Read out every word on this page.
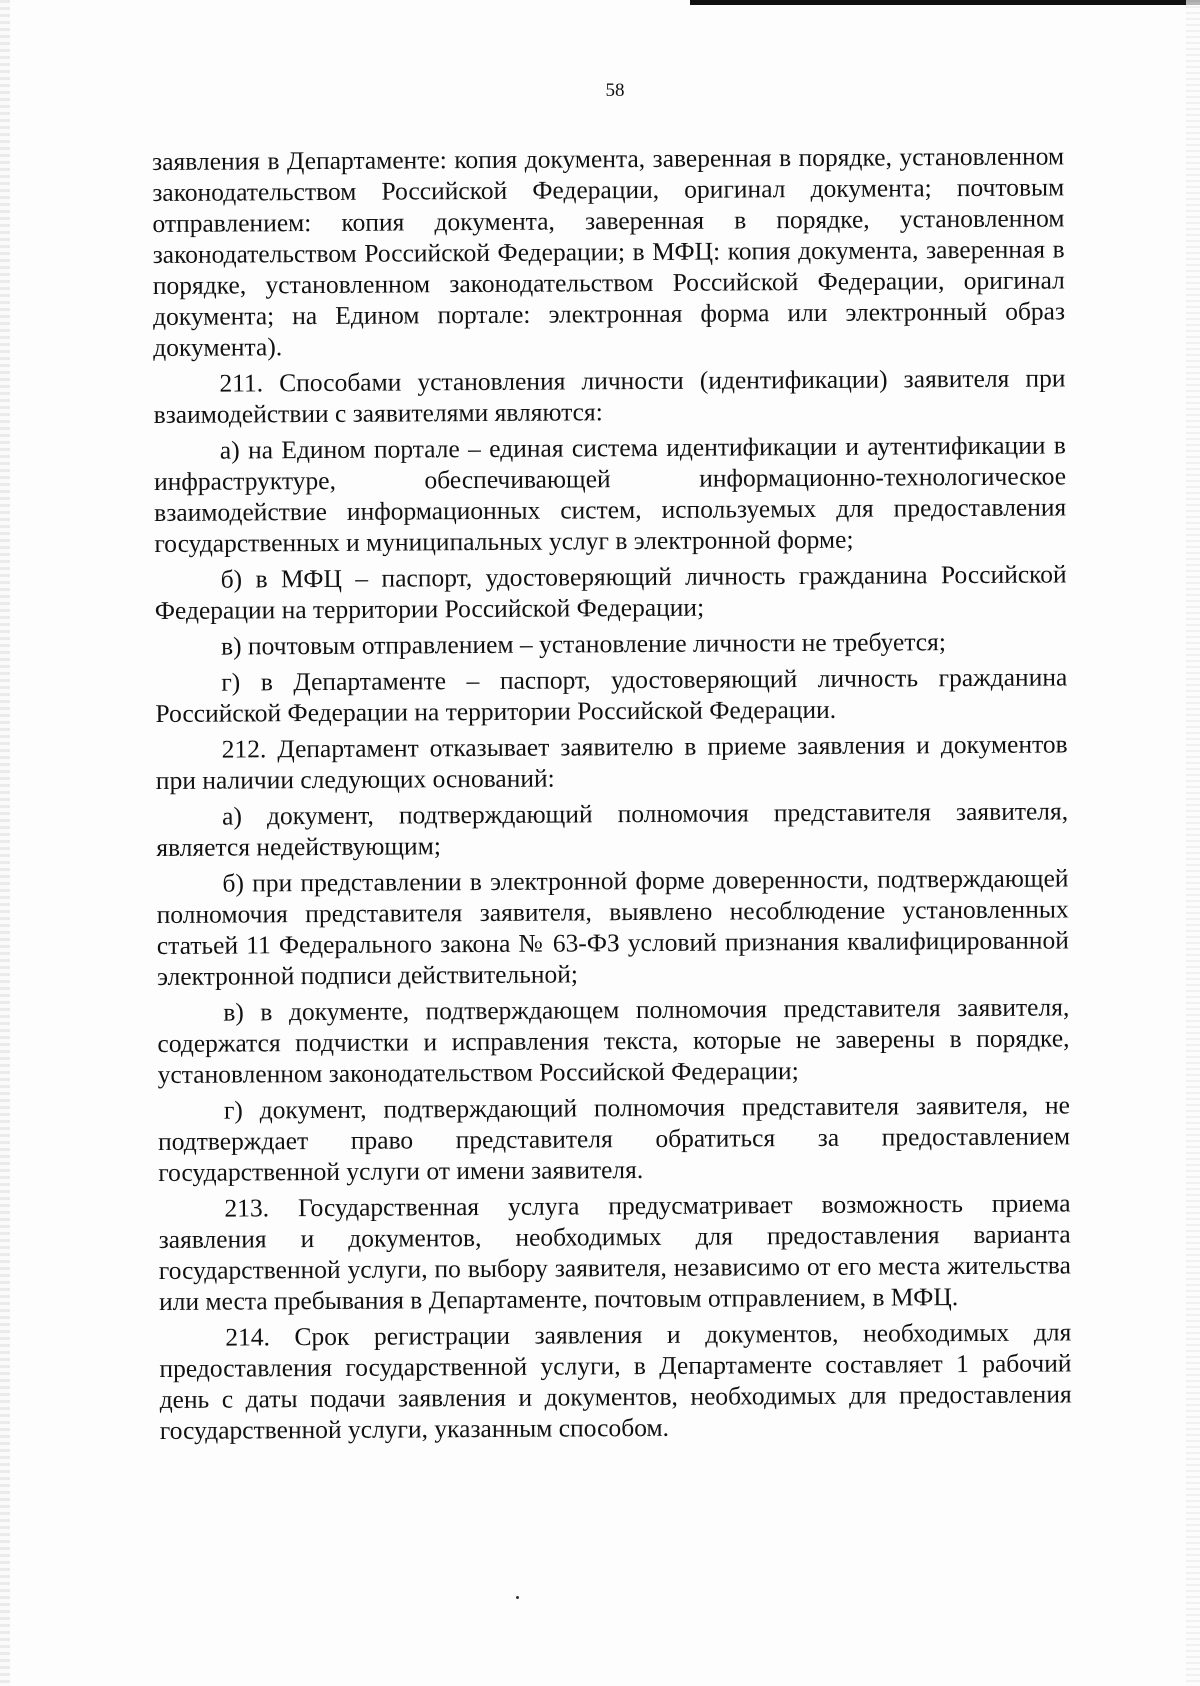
58

заявления в Департаменте: копия документа, заверенная в порядке, установленном законодательством Российской Федерации, оригинал документа; почтовым отправлением: копия документа, заверенная в порядке, установленном законодательством Российской Федерации; в МФЦ: копия документа, заверенная в порядке, установленном законодательством Российской Федерации, оригинал документа; на Едином портале: электронная форма или электронный образ документа).

211. Способами установления личности (идентификации) заявителя при взаимодействии с заявителями являются:

а) на Едином портале – единая система идентификации и аутентификации в инфраструктуре, обеспечивающей информационно-технологическое взаимодействие информационных систем, используемых для предоставления государственных и муниципальных услуг в электронной форме;

б) в МФЦ – паспорт, удостоверяющий личность гражданина Российской Федерации на территории Российской Федерации;

в) почтовым отправлением – установление личности не требуется;

г) в Департаменте – паспорт, удостоверяющий личность гражданина Российской Федерации на территории Российской Федерации.

212. Департамент отказывает заявителю в приеме заявления и документов при наличии следующих оснований:

а) документ, подтверждающий полномочия представителя заявителя, является недействующим;

б) при представлении в электронной форме доверенности, подтверждающей полномочия представителя заявителя, выявлено несоблюдение установленных статьей 11 Федерального закона № 63-ФЗ условий признания квалифицированной электронной подписи действительной;

в) в документе, подтверждающем полномочия представителя заявителя, содержатся подчистки и исправления текста, которые не заверены в порядке, установленном законодательством Российской Федерации;

г) документ, подтверждающий полномочия представителя заявителя, не подтверждает право представителя обратиться за предоставлением государственной услуги от имени заявителя.

213. Государственная услуга предусматривает возможность приема заявления и документов, необходимых для предоставления варианта государственной услуги, по выбору заявителя, независимо от его места жительства или места пребывания в Департаменте, почтовым отправлением, в МФЦ.

214. Срок регистрации заявления и документов, необходимых для предоставления государственной услуги, в Департаменте составляет 1 рабочий день с даты подачи заявления и документов, необходимых для предоставления государственной услуги, указанным способом.
